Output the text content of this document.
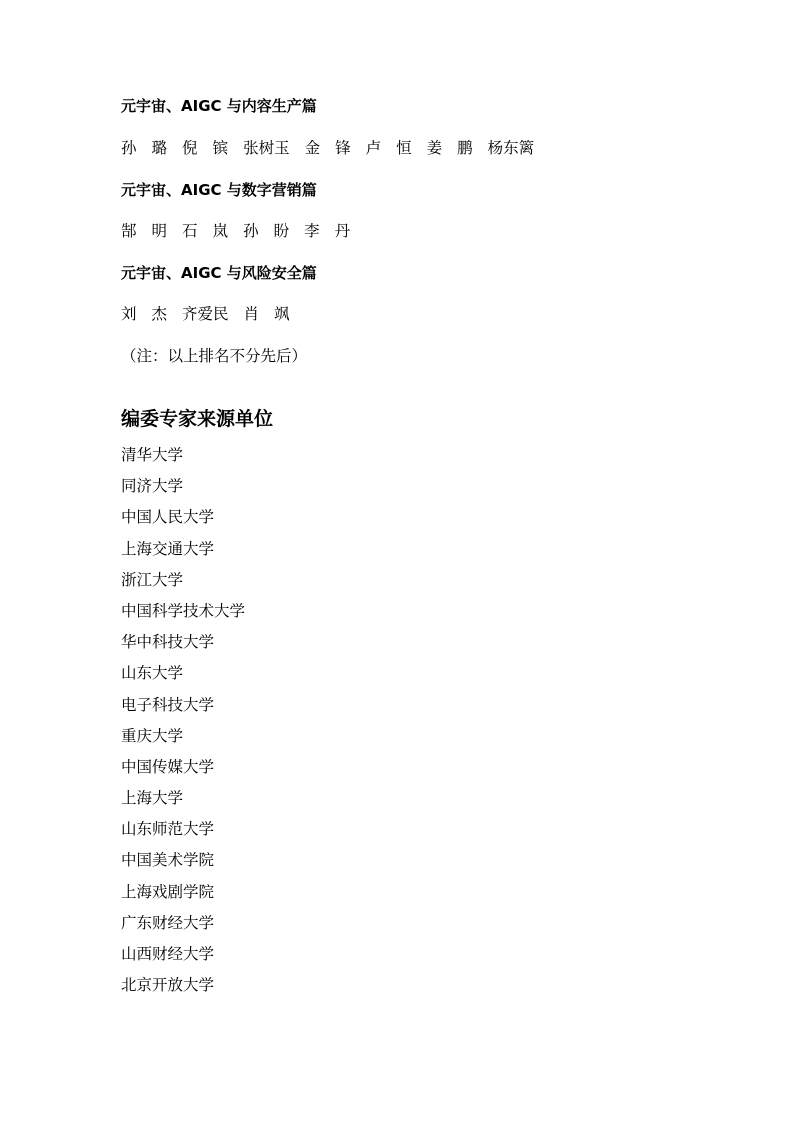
元宇宙、AIGC 与内容生产篇
孙 璐 倪 镔 张树玉 金 锋 卢 恒 姜 鹏 杨东篱
元宇宙、AIGC 与数字营销篇
郜 明 石 岚 孙 盼 李 丹
元宇宙、AIGC 与风险安全篇
刘 杰 齐爱民 肖 飒
（注：以上排名不分先后）
编委专家来源单位
清华大学
同济大学
中国人民大学
上海交通大学
浙江大学
中国科学技术大学
华中科技大学
山东大学
电子科技大学
重庆大学
中国传媒大学
上海大学
山东师范大学
中国美术学院
上海戏剧学院
广东财经大学
山西财经大学
北京开放大学
